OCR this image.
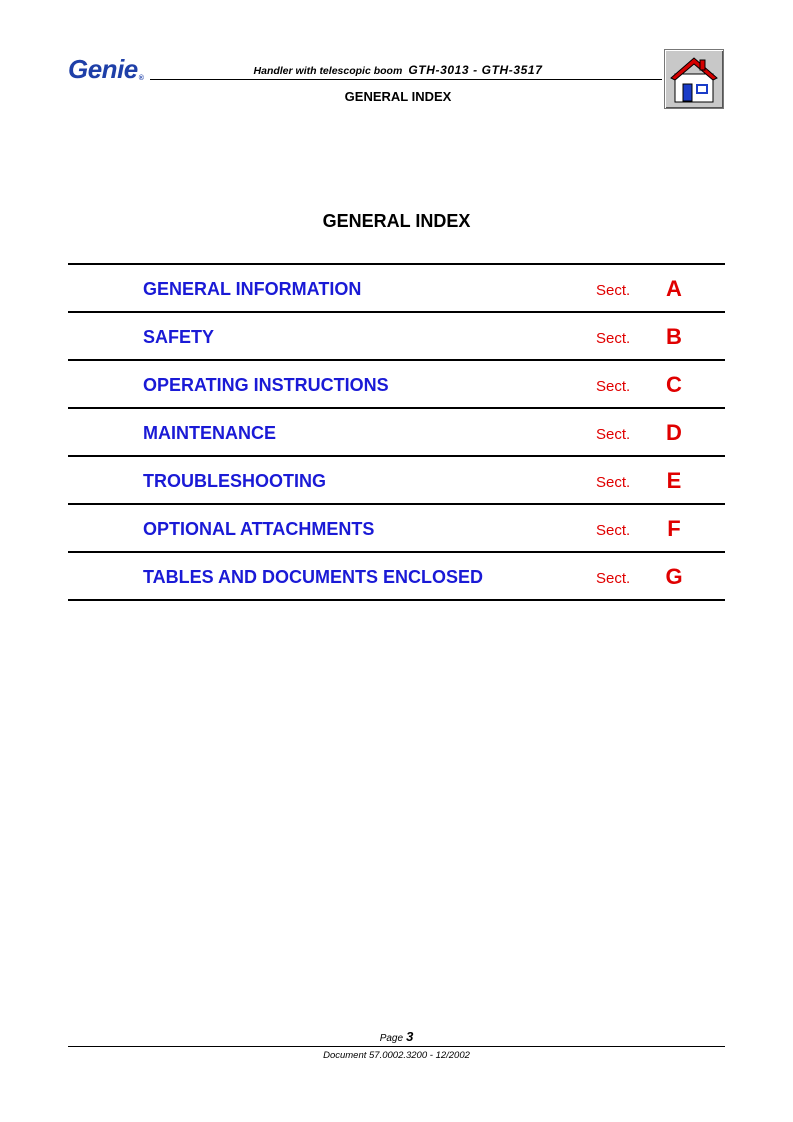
Genie®
Handler with telescopic boom GTH-3013 - GTH-3517
GENERAL INDEX
GENERAL INDEX
GENERAL INFORMATION	Sect.	A
SAFETY	Sect.	B
OPERATING INSTRUCTIONS	Sect.	C
MAINTENANCE	Sect.	D
TROUBLESHOOTING	Sect.	E
OPTIONAL ATTACHMENTS	Sect.	F
TABLES AND DOCUMENTS ENCLOSED	Sect.	G
Page 3
Document 57.0002.3200 - 12/2002
